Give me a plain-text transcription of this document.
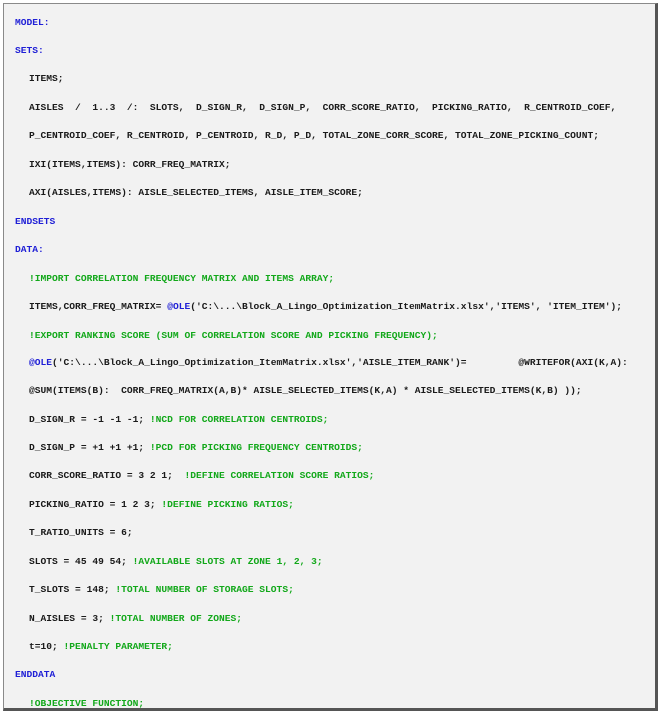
MODEL:
SETS:
ITEMS;
AISLES  /  1..3  /:  SLOTS,  D_SIGN_R,  D_SIGN_P,  CORR_SCORE_RATIO,  PICKING_RATIO,  R_CENTROID_COEF,
P_CENTROID_COEF, R_CENTROID, P_CENTROID, R_D, P_D, TOTAL_ZONE_CORR_SCORE, TOTAL_ZONE_PICKING_COUNT;
IXI(ITEMS,ITEMS): CORR_FREQ_MATRIX;
AXI(AISLES,ITEMS): AISLE_SELECTED_ITEMS, AISLE_ITEM_SCORE;
ENDSETS
DATA:
!IMPORT CORRELATION FREQUENCY MATRIX AND ITEMS ARRAY;
ITEMS,CORR_FREQ_MATRIX= @OLE('C:\...\Block_A_Lingo_Optimization_ItemMatrix.xlsx','ITEMS', 'ITEM_ITEM');
!EXPORT RANKING SCORE (SUM OF CORRELATION SCORE AND PICKING FREQUENCY);
@OLE('C:\...\Block_A_Lingo_Optimization_ItemMatrix.xlsx','AISLE_ITEM_RANK')=         @WRITEFOR(AXI(K,A):
@SUM(ITEMS(B):  CORR_FREQ_MATRIX(A,B)* AISLE_SELECTED_ITEMS(K,A) * AISLE_SELECTED_ITEMS(K,B) ));
D_SIGN_R = -1 -1 -1; !NCD FOR CORRELATION CENTROIDS;
D_SIGN_P = +1 +1 +1; !PCD FOR PICKING FREQUENCY CENTROIDS;
CORR_SCORE_RATIO = 3 2 1;  !DEFINE CORRELATION SCORE RATIOS;
PICKING_RATIO = 1 2 3; !DEFINE PICKING RATIOS;
T_RATIO_UNITS = 6;
SLOTS = 45 49 54; !AVAILABLE SLOTS AT ZONE 1, 2, 3;
T_SLOTS = 148; !TOTAL NUMBER OF STORAGE SLOTS;
N_AISLES = 3; !TOTAL NUMBER OF ZONES;
t=10; !PENALTY PARAMETER;
ENDDATA
!OBJECTIVE FUNCTION;
